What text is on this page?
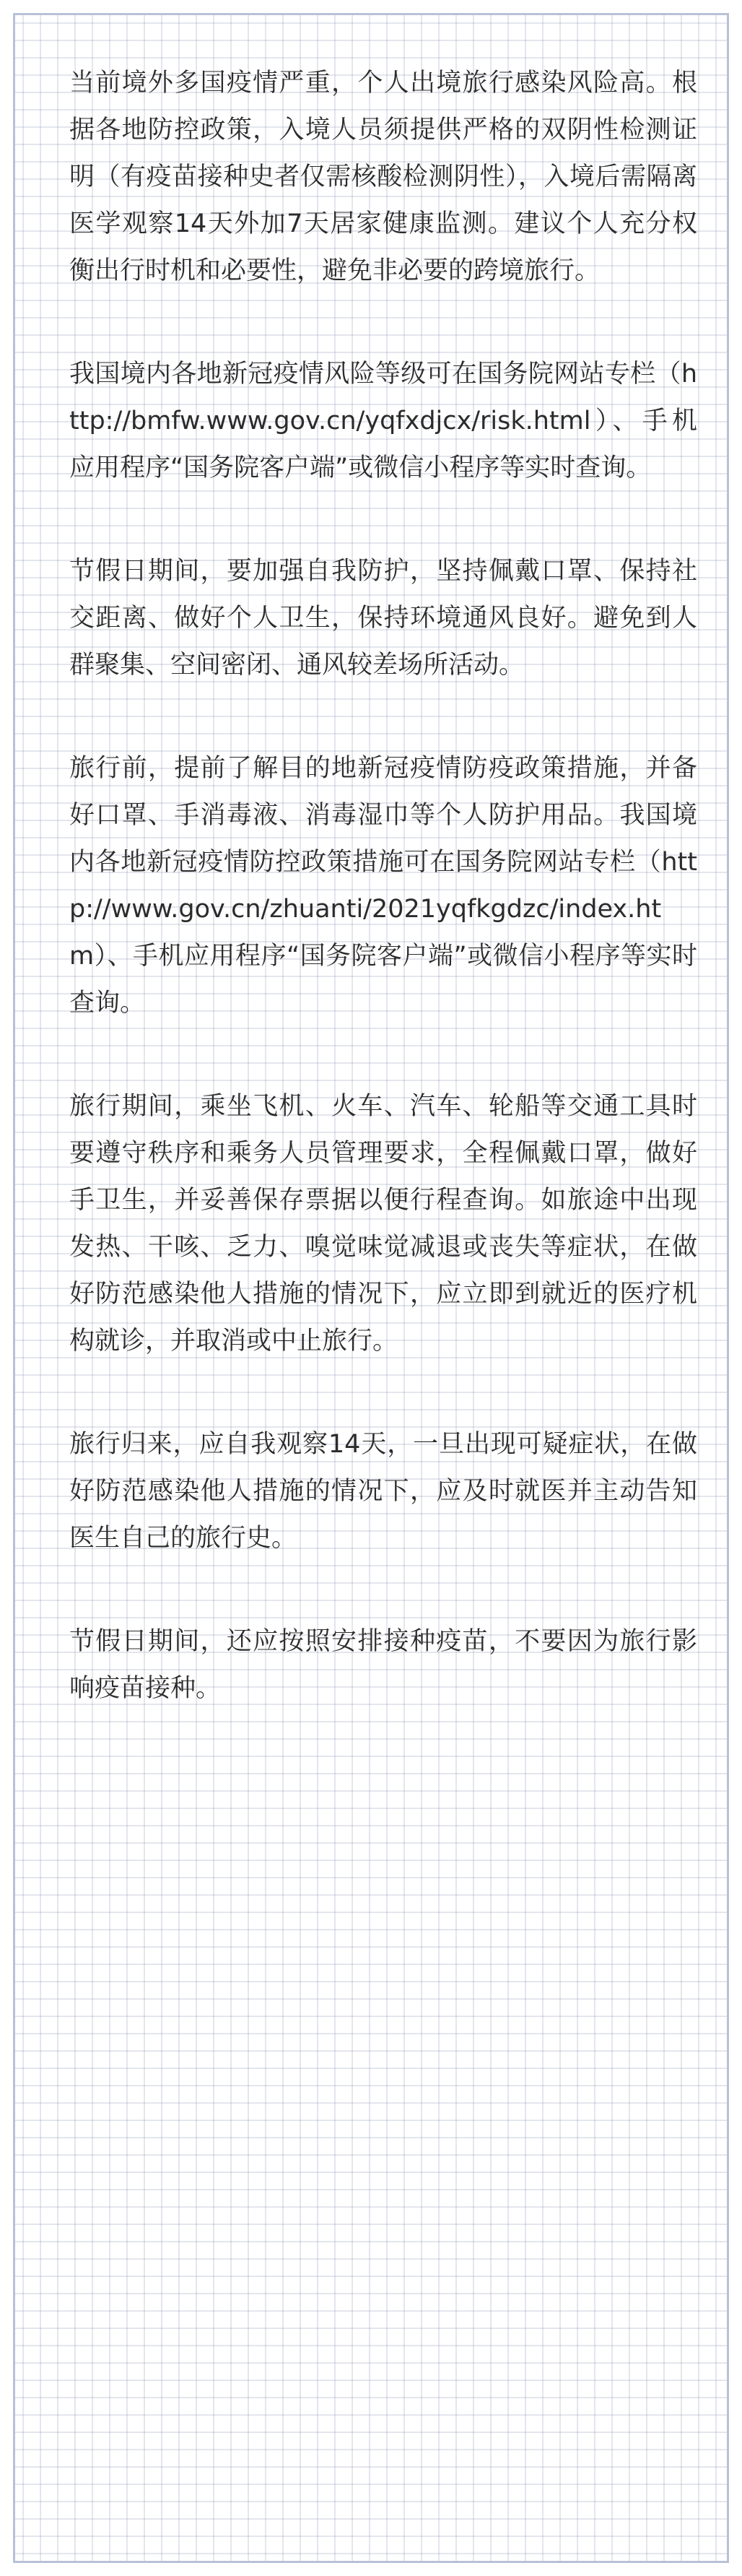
当前境外多国疫情严重，个人出境旅行感染风险高。根据各地防控政策，入境人员须提供严格的双阴性检测证明（有疫苗接种史者仅需核酸检测阴性），入境后需隔离医学观察14天外加7天居家健康监测。建议个人充分权衡出行时机和必要性，避免非必要的跨境旅行。

我国境内各地新冠疫情风险等级可在国务院网站专栏（http://bmfw.www.gov.cn/yqfxdjcx/risk.html）、手机应用程序“国务院客户端”或微信小程序等实时查询。

节假日期间，要加强自我防护，坚持佩戴口罩、保持社交距离、做好个人卫生，保持环境通风良好。避免到人群聚集、空间密闭、通风较差场所活动。

旅行前，提前了解目的地新冠疫情防疫政策措施，并备好口罩、手消毒液、消毒湿巾等个人防护用品。我国境内各地新冠疫情防控政策措施可在国务院网站专栏（http://www.gov.cn/zhuanti/2021yqfkgdzc/index.htm）、手机应用程序“国务院客户端”或微信小程序等实时查询。

旅行期间，乘坐飞机、火车、汽车、轮船等交通工具时要遵守秩序和乘务人员管理要求，全程佩戴口罩，做好手卫生，并妥善保存票据以便行程查询。如旅途中出现发热、干咳、乏力、嗅觉味觉减退或丧失等症状，在做好防范感染他人措施的情况下，应立即到就近的医疗机构就诊，并取消或中止旅行。

旅行归来，应自我观察14天，一旦出现可疑症状，在做好防范感染他人措施的情况下，应及时就医并主动告知医生自己的旅行史。

节假日期间，还应按照安排接种疫苗，不要因为旅行影响疫苗接种。
